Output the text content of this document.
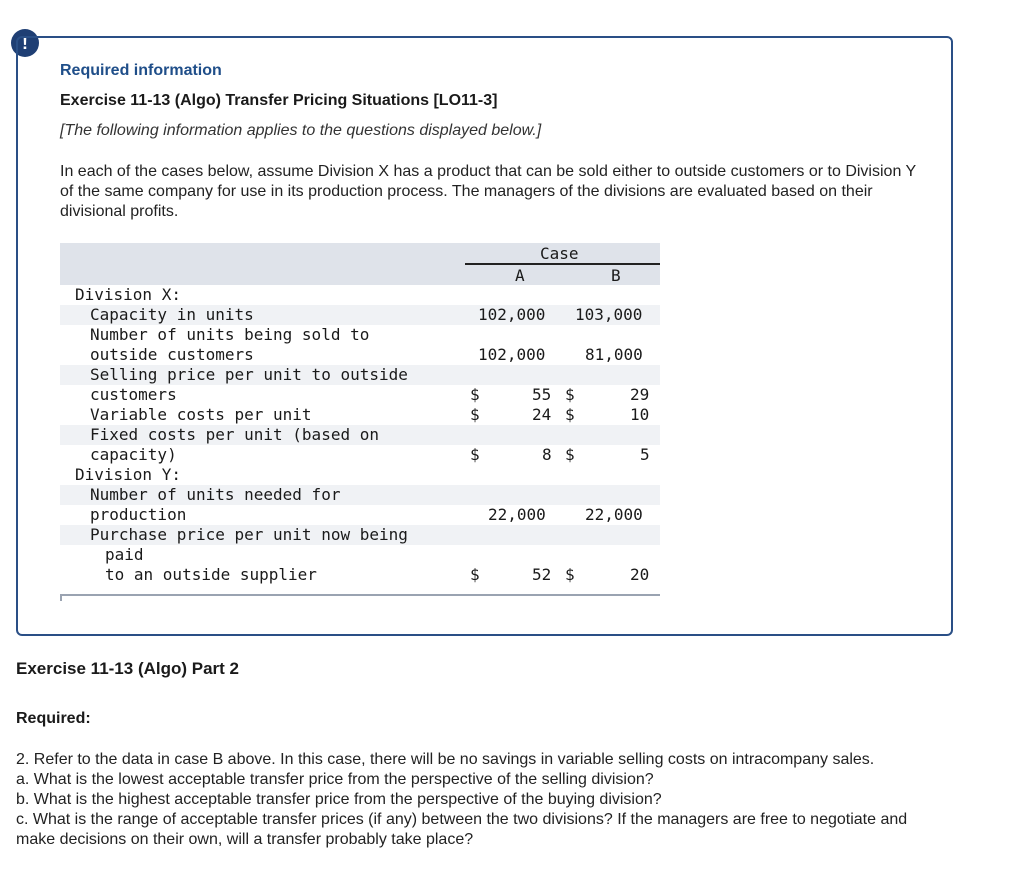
!
Required information
Exercise 11-13 (Algo) Transfer Pricing Situations [LO11-3]
[The following information applies to the questions displayed below.]
In each of the cases below, assume Division X has a product that can be sold either to outside customers or to Division Y of the same company for use in its production process. The managers of the divisions are evaluated based on their divisional profits.
Case
A	B
Division X:
Capacity in units	102,000 103,000
Number of units being sold to
outside customers	102,000 81,000
Selling price per unit to outside
customers	$	55 $	29
Variable costs per unit	$	24 $	10
Fixed costs per unit (based on
capacity)	$	8 $	5
Division Y:
Number of units needed for
production	22,000 22,000
Purchase price per unit now being
paid
to an outside supplier	$	52 $	20
Exercise 11-13 (Algo) Part 2
Required:

2. Refer to the data in case B above. In this case, there will be no savings in variable selling costs on intracompany sales.

a. What is the lowest acceptable transfer price from the perspective of the selling division?

b. What is the highest acceptable transfer price from the perspective of the buying division?

c. What is the range of acceptable transfer prices (if any) between the two divisions? If the managers are free to negotiate and make decisions on their own, will a transfer probably take place?
